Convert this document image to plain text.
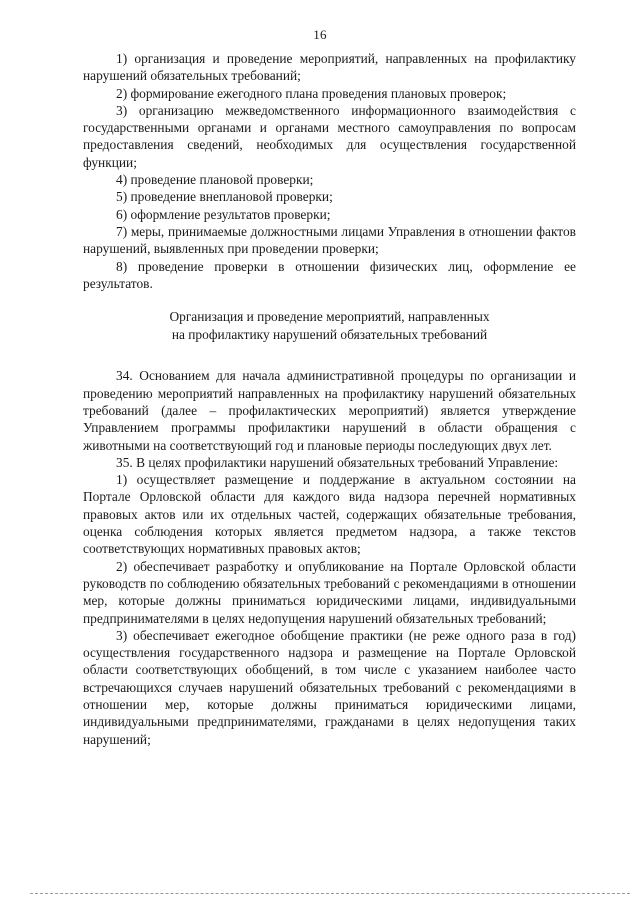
16

1) организация и проведение мероприятий, направленных на профилактику нарушений обязательных требований;

2) формирование ежегодного плана проведения плановых проверок;

3) организацию межведомственного информационного взаимодействия с государственными органами и органами местного самоуправления по вопросам предоставления сведений, необходимых для осуществления государственной функции;

4) проведение плановой проверки;

5) проведение внеплановой проверки;

6) оформление результатов проверки;

7) меры, принимаемые должностными лицами Управления в отношении фактов нарушений, выявленных при проведении проверки;

8) проведение проверки в отношении физических лиц, оформление ее результатов.

Организация и проведение мероприятий, направленных

на профилактику нарушений обязательных требований

34. Основанием для начала административной процедуры по организации и проведению мероприятий направленных на профилактику нарушений обязательных требований (далее – профилактических мероприятий) является утверждение Управлением программы профилактики нарушений в области обращения с животными на соответствующий год и плановые периоды последующих двух лет.

35. В целях профилактики нарушений обязательных требований Управление:

1) осуществляет размещение и поддержание в актуальном состоянии на Портале Орловской области для каждого вида надзора перечней нормативных правовых актов или их отдельных частей, содержащих обязательные требования, оценка соблюдения которых является предметом надзора, а также текстов соответствующих нормативных правовых актов;

2) обеспечивает разработку и опубликование на Портале Орловской области руководств по соблюдению обязательных требований с рекомендациями в отношении мер, которые должны приниматься юридическими лицами, индивидуальными предпринимателями в целях недопущения нарушений обязательных требований;

3) обеспечивает ежегодное обобщение практики (не реже одного раза в год) осуществления государственного надзора и размещение на Портале Орловской области соответствующих обобщений, в том числе с указанием наиболее часто встречающихся случаев нарушений обязательных требований с рекомендациями в отношении мер, которые должны приниматься юридическими лицами, индивидуальными предпринимателями, гражданами в целях недопущения таких нарушений;
